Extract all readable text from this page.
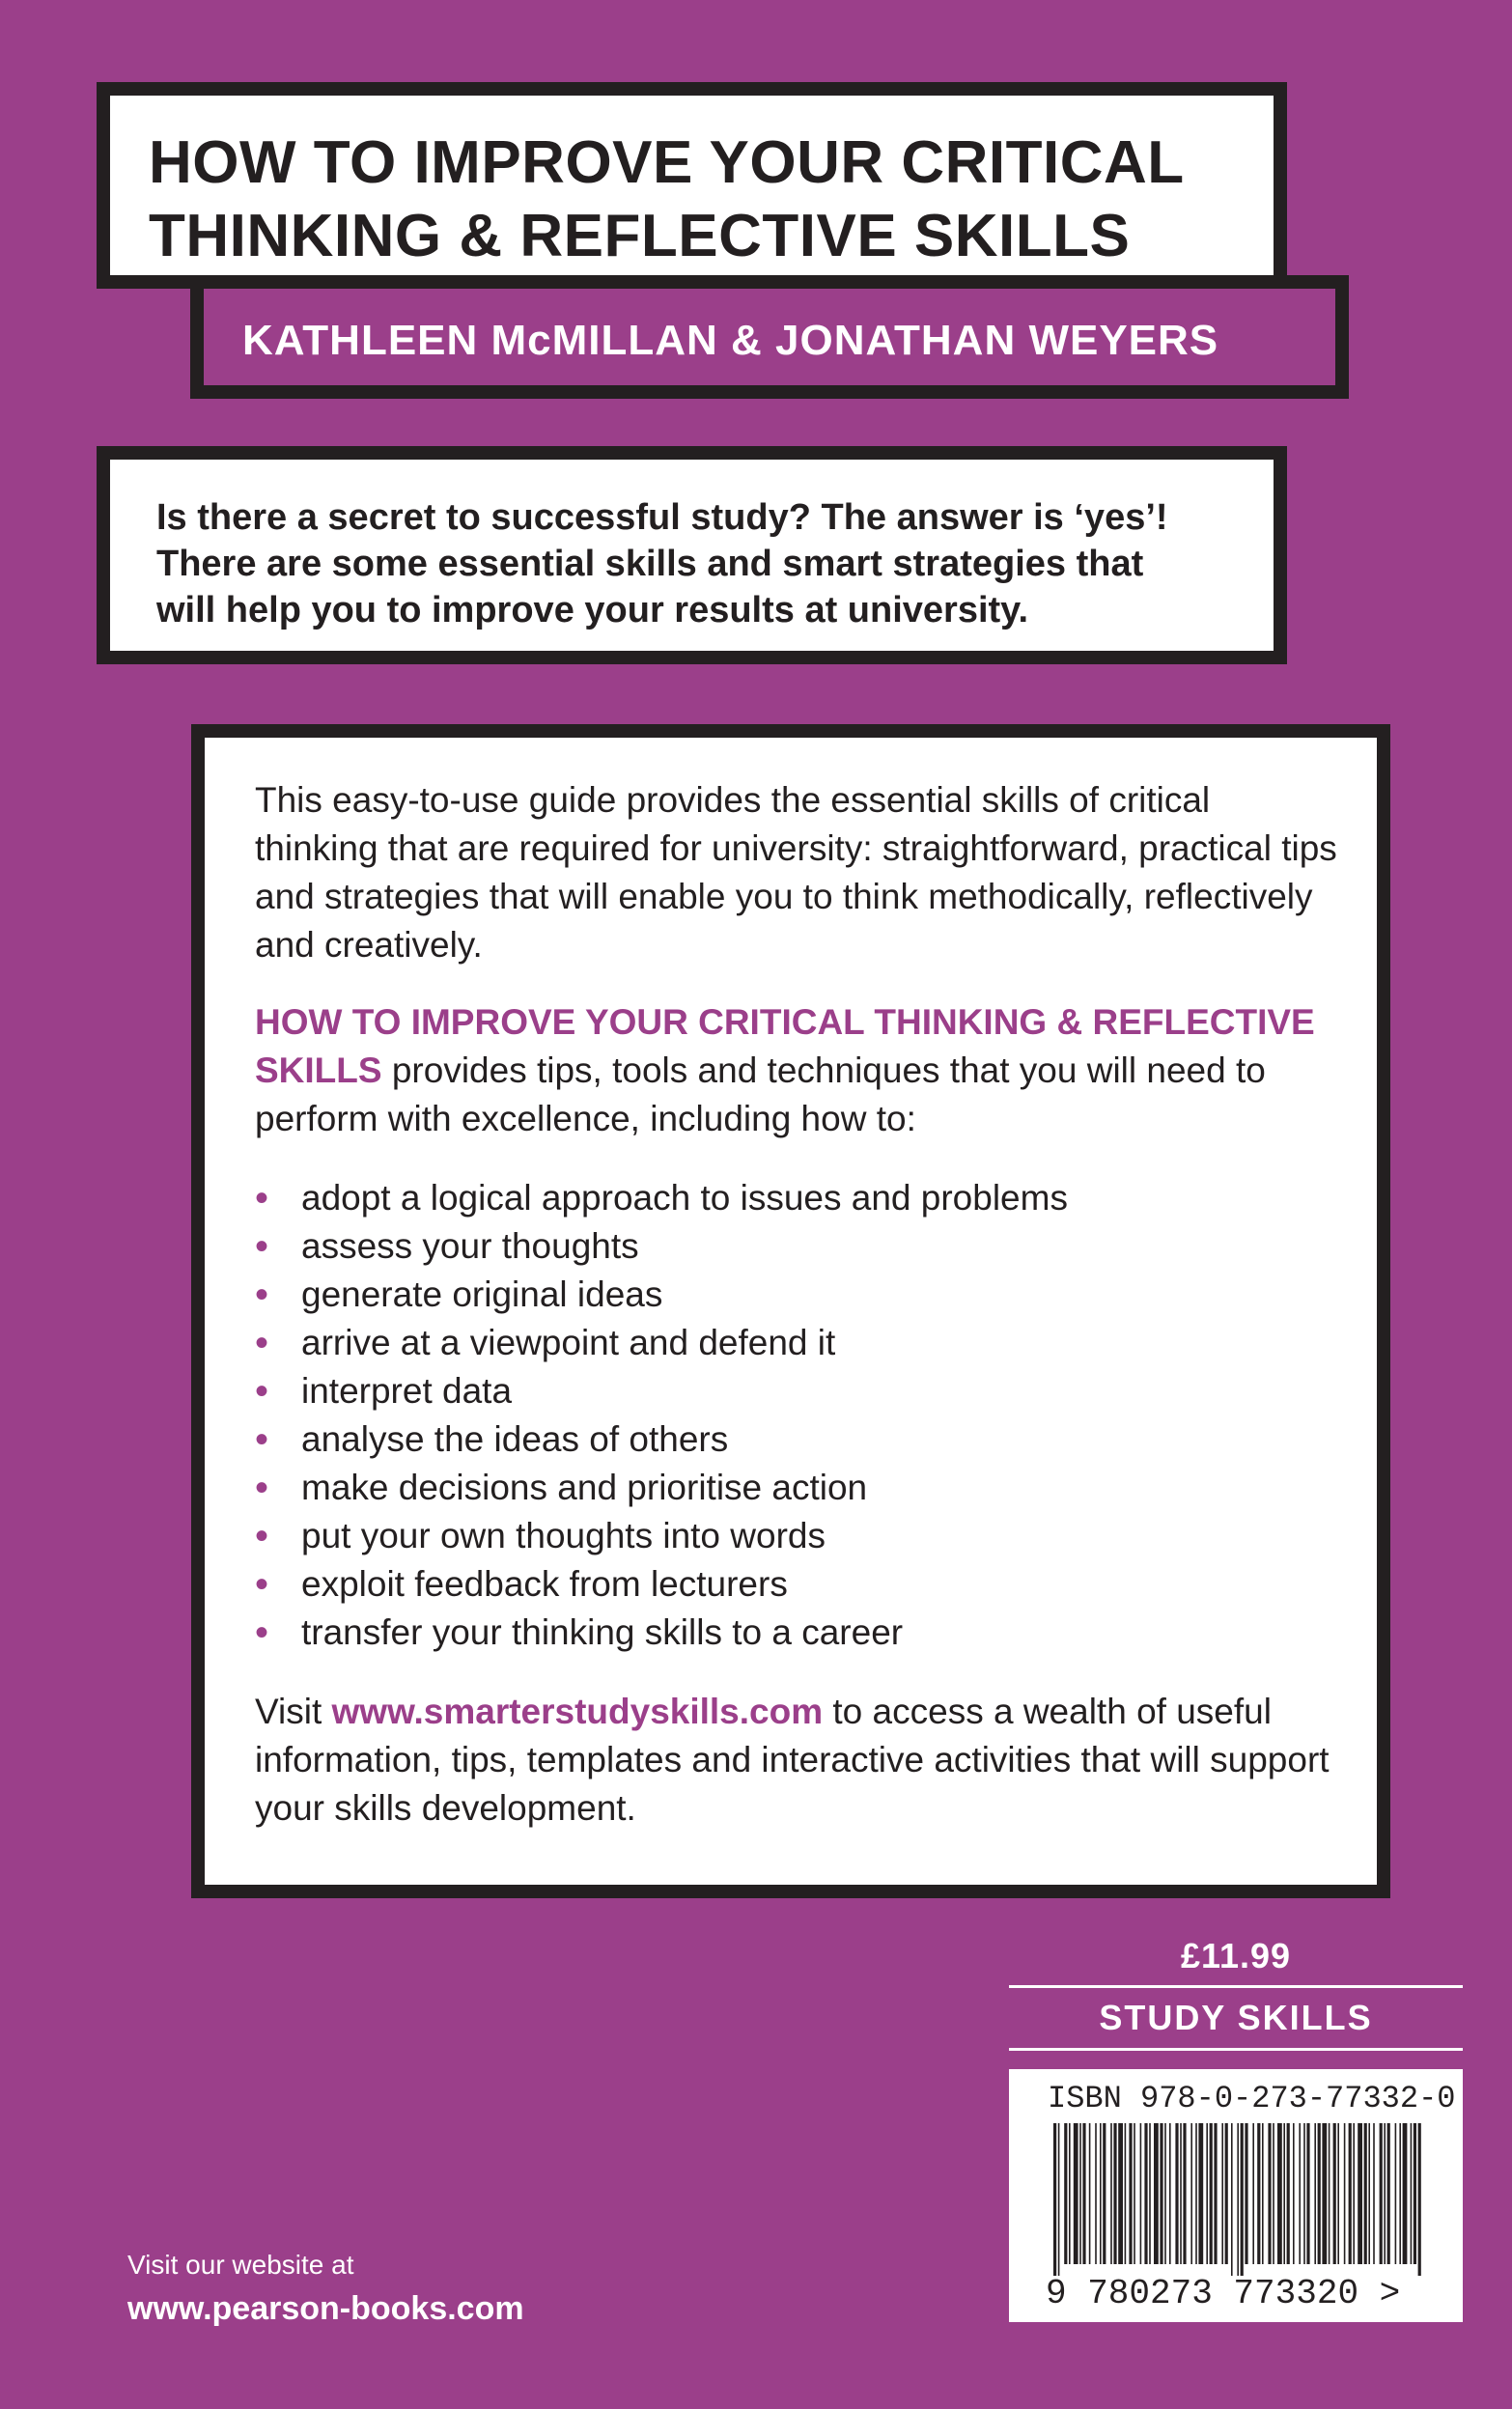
HOW TO IMPROVE YOUR CRITICAL
THINKING & REFLECTIVE SKILLS
KATHLEEN McMILLAN & JONATHAN WEYERS
Is there a secret to successful study? The answer is ‘yes’!
There are some essential skills and smart strategies that
will help you to improve your results at university.

This easy-to-use guide provides the essential skills of critical thinking that are required for university: straightforward, practical tips and strategies that will enable you to think methodically, reflectively and creatively.

HOW TO IMPROVE YOUR CRITICAL THINKING & REFLECTIVE SKILLS provides tips, tools and techniques that you will need to perform with excellence, including how to:

• adopt a logical approach to issues and problems
• assess your thoughts
• generate original ideas
• arrive at a viewpoint and defend it
• interpret data
• analyse the ideas of others
• make decisions and prioritise action
• put your own thoughts into words
• exploit feedback from lecturers
• transfer your thinking skills to a career

Visit www.smarterstudyskills.com to access a wealth of useful information, tips, templates and interactive activities that will support your skills development.

£11.99
STUDY SKILLS
ISBN 978-0-273-77332-0
9 780273 773320 >
Visit our website at
www.pearson-books.com
